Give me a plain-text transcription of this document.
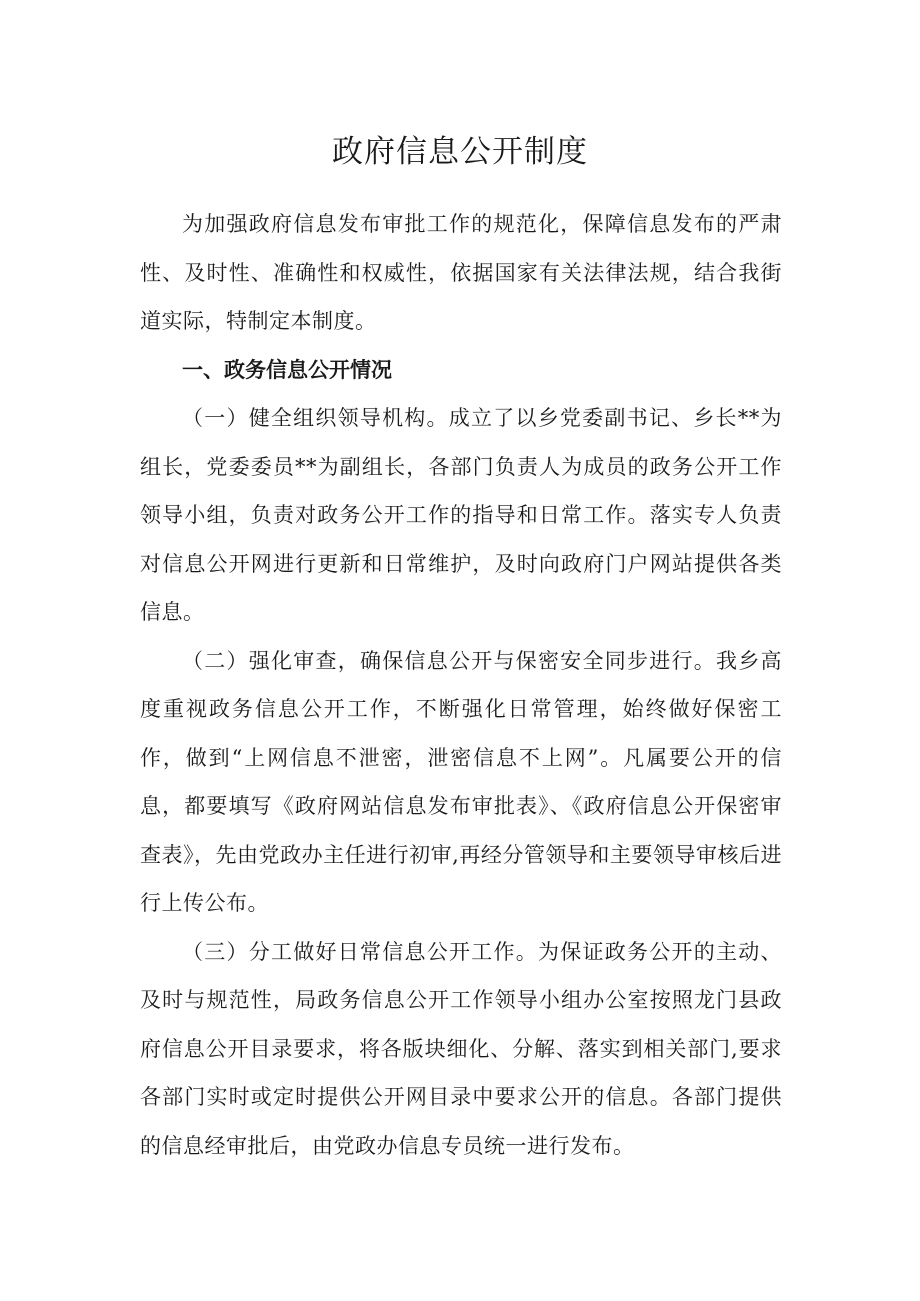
政府信息公开制度

为加强政府信息发布审批工作的规范化，保障信息发布的严肃性、及时性、准确性和权威性，依据国家有关法律法规，结合我街道实际，特制定本制度。

一、政务信息公开情况

（一）健全组织领导机构。成立了以乡党委副书记、乡长**为组长，党委委员**为副组长，各部门负责人为成员的政务公开工作领导小组，负责对政务公开工作的指导和日常工作。落实专人负责对信息公开网进行更新和日常维护，及时向政府门户网站提供各类信息。

（二）强化审查，确保信息公开与保密安全同步进行。我乡高度重视政务信息公开工作，不断强化日常管理，始终做好保密工作，做到“上网信息不泄密，泄密信息不上网”。凡属要公开的信息，都要填写《政府网站信息发布审批表》、《政府信息公开保密审查表》，先由党政办主任进行初审,再经分管领导和主要领导审核后进行上传公布。

（三）分工做好日常信息公开工作。为保证政务公开的主动、及时与规范性，局政务信息公开工作领导小组办公室按照龙门县政府信息公开目录要求，将各版块细化、分解、落实到相关部门,要求各部门实时或定时提供公开网目录中要求公开的信息。各部门提供的信息经审批后，由党政办信息专员统一进行发布。
